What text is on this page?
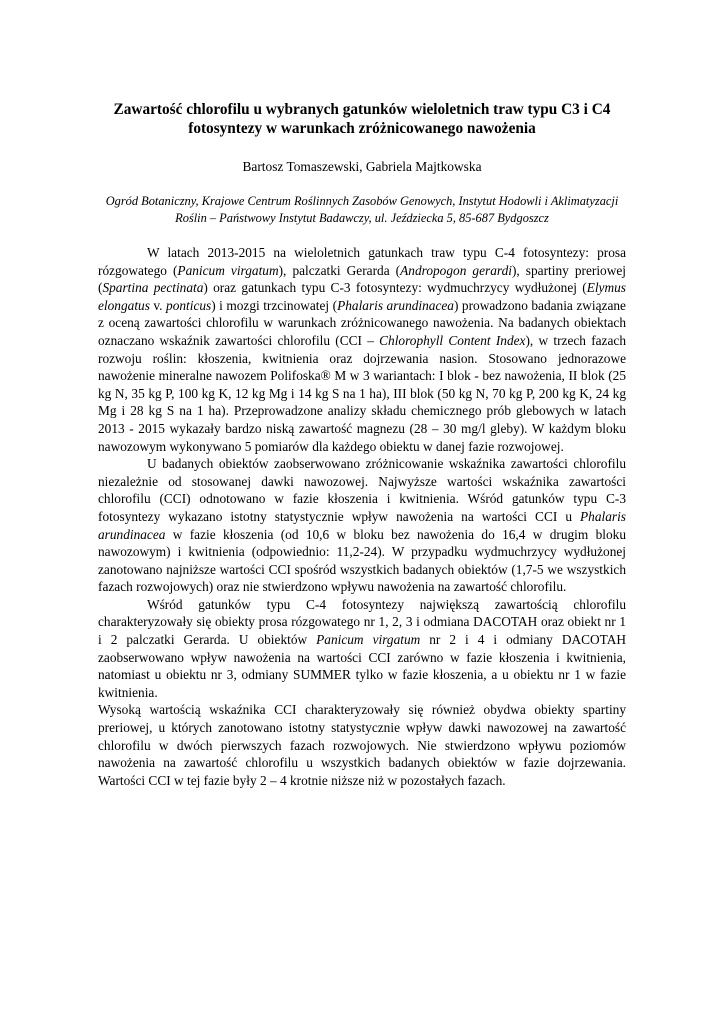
Zawartość chlorofilu u wybranych gatunków wieloletnich traw typu C3 i C4
fotosyntezy w warunkach zróżnicowanego nawożenia

Bartosz Tomaszewski, Gabriela Majtkowska

Ogród Botaniczny, Krajowe Centrum Roślinnych Zasobów Genowych, Instytut Hodowli i Aklimatyzacji
Roślin – Państwowy Instytut Badawczy, ul. Jeździecka 5, 85-687 Bydgoszcz

W latach 2013-2015 na wieloletnich gatunkach traw typu C-4 fotosyntezy: prosa rózgowatego (Panicum virgatum), palczatki Gerarda (Andropogon gerardi), spartiny preriowej (Spartina pectinata) oraz gatunkach typu C-3 fotosyntezy: wydmuchrzycy wydłużonej (Elymus elongatus v. ponticus) i mozgi trzcinowatej (Phalaris arundinacea) prowadzono badania związane z oceną zawartości chlorofilu w warunkach zróżnicowanego nawożenia. Na badanych obiektach oznaczano wskaźnik zawartości chlorofilu (CCI – Chlorophyll Content Index), w trzech fazach rozwoju roślin: kłoszenia, kwitnienia oraz dojrzewania nasion. Stosowano jednorazowe nawożenie mineralne nawozem Polifoska® M w 3 wariantach: I blok - bez nawożenia, II blok (25 kg N, 35 kg P, 100 kg K, 12 kg Mg i 14 kg S na 1 ha), III blok (50 kg N, 70 kg P, 200 kg K, 24 kg Mg i 28 kg S na 1 ha). Przeprowadzone analizy składu chemicznego prób glebowych w latach 2013 - 2015 wykazały bardzo niską zawartość magnezu (28 – 30 mg/l gleby). W każdym bloku nawozowym wykonywano 5 pomiarów dla każdego obiektu w danej fazie rozwojowej.

U badanych obiektów zaobserwowano zróżnicowanie wskaźnika zawartości chlorofilu niezależnie od stosowanej dawki nawozowej. Najwyższe wartości wskaźnika zawartości chlorofilu (CCI) odnotowano w fazie kłoszenia i kwitnienia. Wśród gatunków typu C-3 fotosyntezy wykazano istotny statystycznie wpływ nawożenia na wartości CCI u Phalaris arundinacea w fazie kłoszenia (od 10,6 w bloku bez nawożenia do 16,4 w drugim bloku nawozowym) i kwitnienia (odpowiednio: 11,2-24). W przypadku wydmuchrzycy wydłużonej zanotowano najniższe wartości CCI spośród wszystkich badanych obiektów (1,7-5 we wszystkich fazach rozwojowych) oraz nie stwierdzono wpływu nawożenia na zawartość chlorofilu.

Wśród gatunków typu C-4 fotosyntezy największą zawartością chlorofilu charakteryzowały się obiekty prosa rózgowatego nr 1, 2, 3 i odmiana DACOTAH oraz obiekt nr 1 i 2 palczatki Gerarda. U obiektów Panicum virgatum nr 2 i 4 i odmiany DACOTAH zaobserwowano wpływ nawożenia na wartości CCI zarówno w fazie kłoszenia i kwitnienia, natomiast u obiektu nr 3, odmiany SUMMER tylko w fazie kłoszenia, a u obiektu nr 1 w fazie kwitnienia.

Wysoką wartością wskaźnika CCI charakteryzowały się również obydwa obiekty spartiny preriowej, u których zanotowano istotny statystycznie wpływ dawki nawozowej na zawartość chlorofilu w dwóch pierwszych fazach rozwojowych. Nie stwierdzono wpływu poziomów nawożenia na zawartość chlorofilu u wszystkich badanych obiektów w fazie dojrzewania. Wartości CCI w tej fazie były 2 – 4 krotnie niższe niż w pozostałych fazach.
